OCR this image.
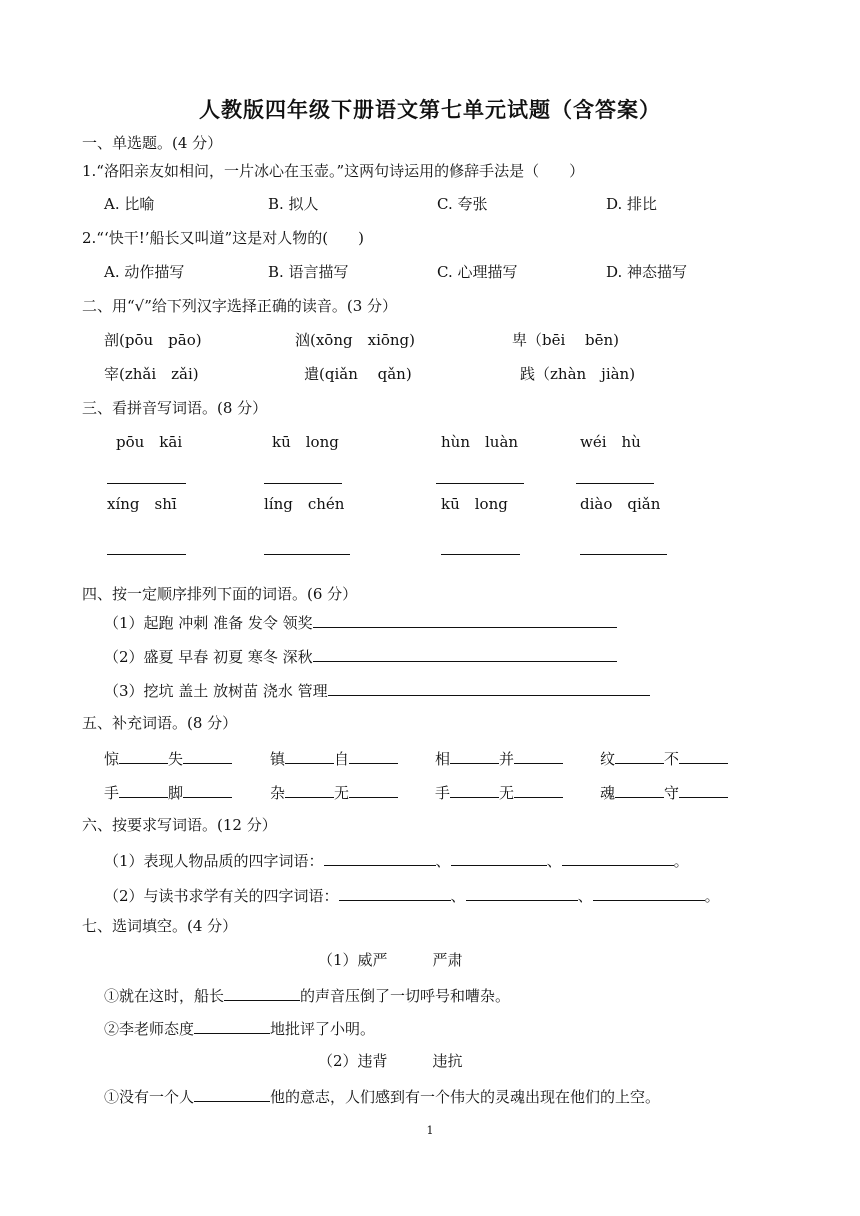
人教版四年级下册语文第七单元试题（含答案）
一、单选题。(4 分）
1.“洛阳亲友如相问，一片冰心在玉壶。”这两句诗运用的修辞手法是（　　）
A. 比喻	B. 拟人	C. 夸张	D. 排比
2.“‘快干!’船长又叫道”这是对人物的(　　)
A. 动作描写	B. 语言描写	C. 心理描写	D. 神态描写
二、用“√”给下列汉字选择正确的读音。(3 分）
剖(pōu　pāo)	汹(xōng　xiōng)	卑（bēi　 bēn)
宰(zhǎi　zǎi)	遣(qiǎn　 qǎn)	践（zhàn　jiàn)
三、看拼音写词语。(8 分）
pōu　kāi	kū　long	hùn　luàn	wéi　hù
xíng　shī	líng　chén	kū　long	diào　qiǎn
四、按一定顺序排列下面的词语。(6 分）
（1）起跑 冲刺 准备 发令 领奖
（2）盛夏 早春 初夏 寒冬 深秋
（3）挖坑 盖土 放树苗 浇水 管理
五、补充词语。(8 分）
惊	失	镇	自	相	并	纹	不
手	脚	杂	无	手	无	魂	守
六、按要求写词语。(12 分）
（1）表现人物品质的四字词语：	、	、	。
（2）与读书求学有关的四字词语：	、	、	。
七、选词填空。(4 分）
（1）威严　　　严肃
①就在这时，船长	的声音压倒了一切呼号和嘈杂。
②李老师态度	地批评了小明。
（2）违背　　　违抗
①没有一个人	他的意志，人们感到有一个伟大的灵魂出现在他们的上空。
1
